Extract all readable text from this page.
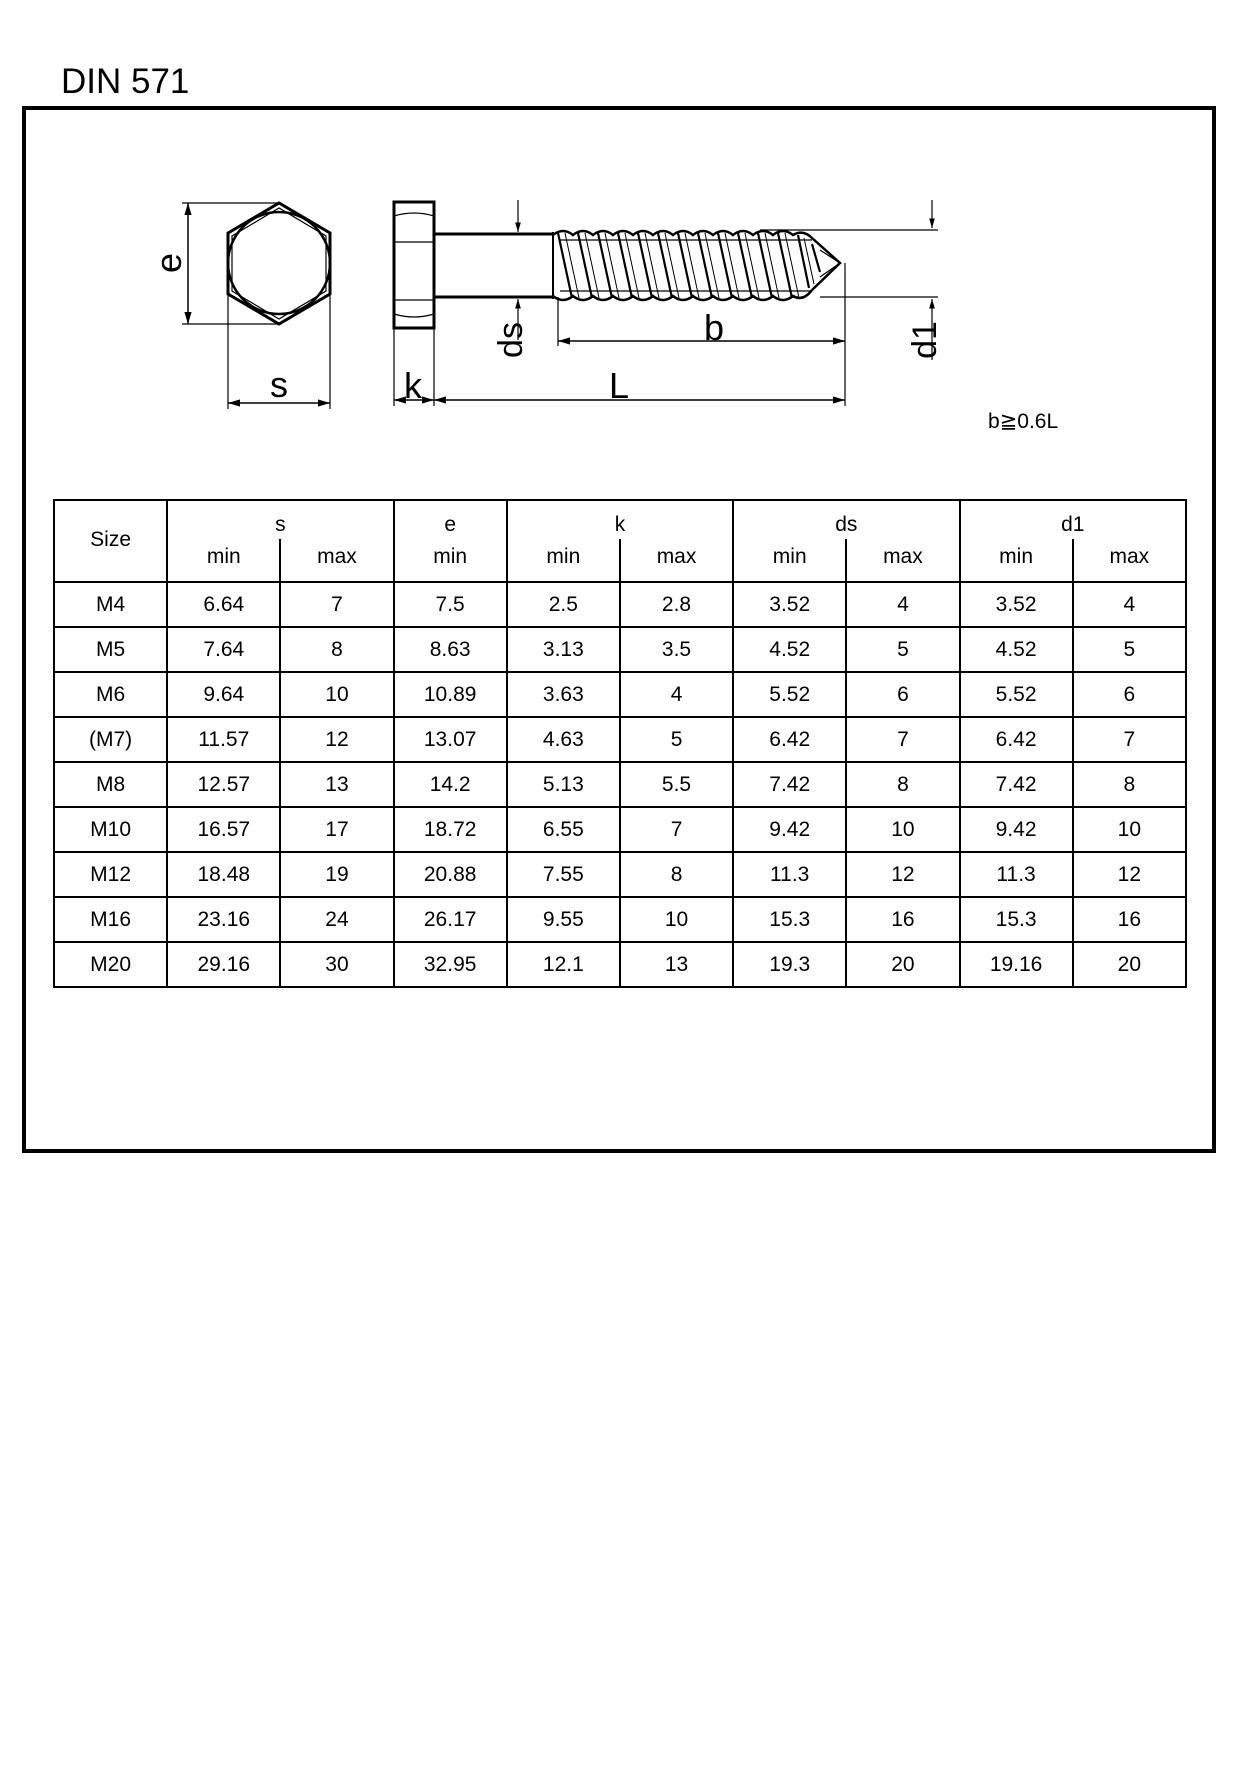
DIN 571
e
s
ds	b	d1
k	L
b≧0.6L
Size	s		e	k		ds		d1	
	min	max	min	min	max	min	max	min	max
M4	6.64	7	7.5	2.5	2.8	3.52	4	3.52	4
M5	7.64	8	8.63	3.13	3.5	4.52	5	4.52	5
M6	9.64	10	10.89	3.63	4	5.52	6	5.52	6
(M7)	11.57	12	13.07	4.63	5	6.42	7	6.42	7
M8	12.57	13	14.2	5.13	5.5	7.42	8	7.42	8
M10	16.57	17	18.72	6.55	7	9.42	10	9.42	10
M12	18.48	19	20.88	7.55	8	11.3	12	11.3	12
M16	23.16	24	26.17	9.55	10	15.3	16	15.3	16
M20	29.16	30	32.95	12.1	13	19.3	20	19.16	20
